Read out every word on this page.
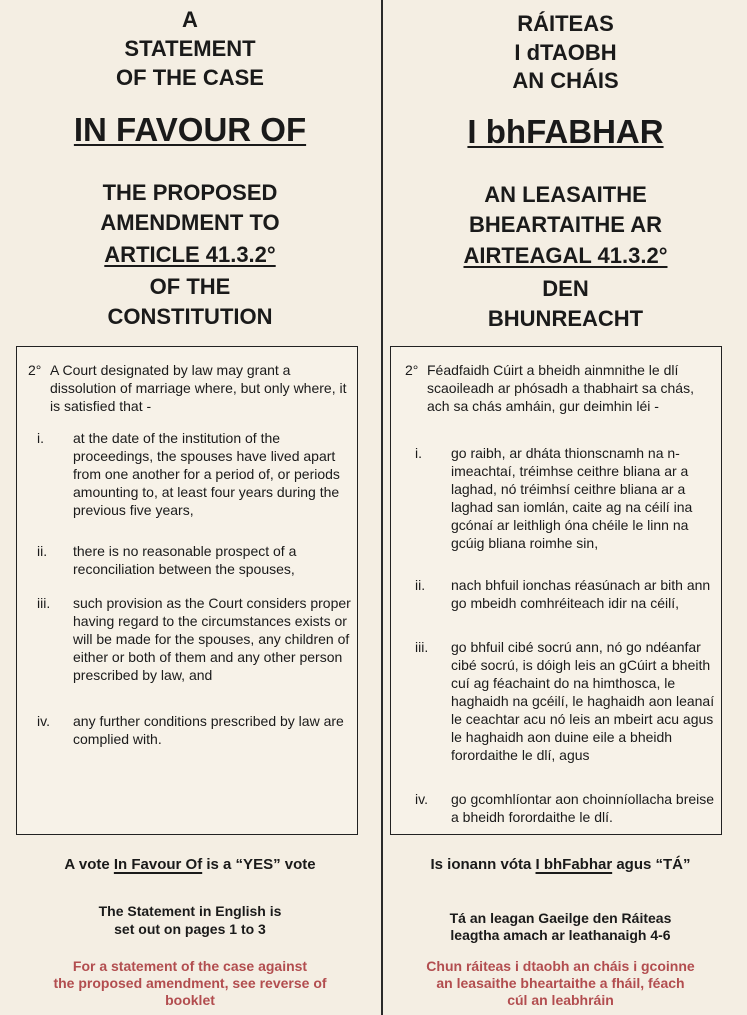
A
STATEMENT
OF THE CASE
IN FAVOUR OF
THE PROPOSED
AMENDMENT TO
ARTICLE 41.3.2°
OF THE
CONSTITUTION
2° A Court designated by law may grant a dissolution of marriage where, but only where, it is satisfied that -
i. at the date of the institution of the proceedings, the spouses have lived apart from one another for a period of, or periods amounting to, at least four years during the previous five years,
ii. there is no reasonable prospect of a reconciliation between the spouses,
iii. such provision as the Court considers proper having regard to the circumstances exists or will be made for the spouses, any children of either or both of them and any other person prescribed by law, and
iv. any further conditions prescribed by law are complied with.
A vote In Favour Of is a “YES” vote
The Statement in English is
set out on pages 1 to 3
For a statement of the case against
the proposed amendment, see reverse of
booklet
RÁITEAS
I dTAOBH
AN CHÁIS
I bhFABHAR
AN LEASAITHE
BHEARTAITHE AR
AIRTEAGAL 41.3.2°
DEN
BHUNREACHT
2° Féadfaidh Cúirt a bheidh ainmnithe le dlí scaoileadh ar phósadh a thabhairt sa chás, ach sa chás amháin, gur deimhin léi -
i. go raibh, ar dháta thionscnamh na n-imeachtaí, tréimhse ceithre bliana ar a laghad, nó tréimhsí ceithre bliana ar a laghad san iomlán, caite ag na céilí ina gcónaí ar leithligh óna chéile le linn na gcúig bliana roimhe sin,
ii. nach bhfuil ionchas réasúnach ar bith ann go mbeidh comhréiteach idir na céilí,
iii. go bhfuil cibé socrú ann, nó go ndéanfar cibé socrú, is dóigh leis an gCúirt a bheith cuí ag féachaint do na himthosca, le haghaidh na gcéilí, le haghaidh aon leanaí le ceachtar acu nó leis an mbeirt acu agus le haghaidh aon duine eile a bheidh forordaithe le dlí, agus
iv. go gcomhlíontar aon choinníollacha breise a bheidh forordaithe le dlí.
Is ionann vóta I bhFabhar agus “TÁ”
Tá an leagan Gaeilge den Ráiteas
leagtha amach ar leathanaigh 4-6
Chun ráiteas i dtaobh an cháis i gcoinne
an leasaithe bheartaithe a fháil, féach
cúl an leabhráin
